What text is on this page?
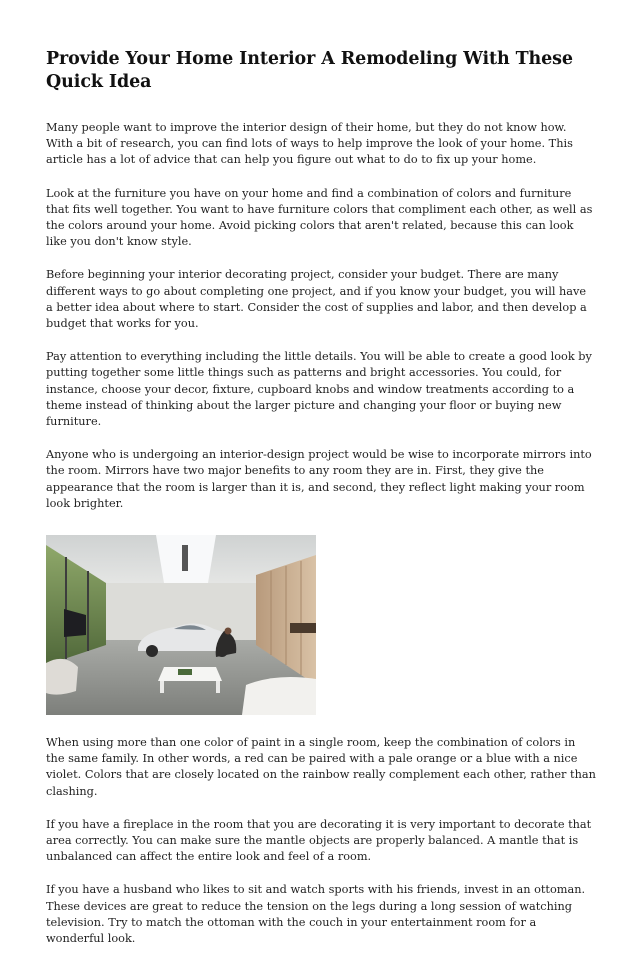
Provide Your Home Interior A Remodeling With These Quick Idea

Many people want to improve the interior design of their home, but they do not know how. With a bit of research, you can find lots of ways to help improve the look of your home. This article has a lot of advice that can help you figure out what to do to fix up your home.

Look at the furniture you have on your home and find a combination of colors and furniture that fits well together. You want to have furniture colors that compliment each other, as well as the colors around your home. Avoid picking colors that aren't related, because this can look like you don't know style.

Before beginning your interior decorating project, consider your budget. There are many different ways to go about completing one project, and if you know your budget, you will have a better idea about where to start. Consider the cost of supplies and labor, and then develop a budget that works for you.

Pay attention to everything including the little details. You will be able to create a good look by putting together some little things such as patterns and bright accessories. You could, for instance, choose your decor, fixture, cupboard knobs and window treatments according to a theme instead of thinking about the larger picture and changing your floor or buying new furniture.

Anyone who is undergoing an interior-design project would be wise to incorporate mirrors into the room. Mirrors have two major benefits to any room they are in. First, they give the appearance that the room is larger than it is, and second, they reflect light making your room look brighter.

When using more than one color of paint in a single room, keep the combination of colors in the same family. In other words, a red can be paired with a pale orange or a blue with a nice violet. Colors that are closely located on the rainbow really complement each other, rather than clashing.

If you have a fireplace in the room that you are decorating it is very important to decorate that area correctly. You can make sure the mantle objects are properly balanced. A mantle that is unbalanced can affect the entire look and feel of a room.

If you have a husband who likes to sit and watch sports with his friends, invest in an ottoman. These devices are great to reduce the tension on the legs during a long session of watching television. Try to match the ottoman with the couch in your entertainment room for a wonderful look.
